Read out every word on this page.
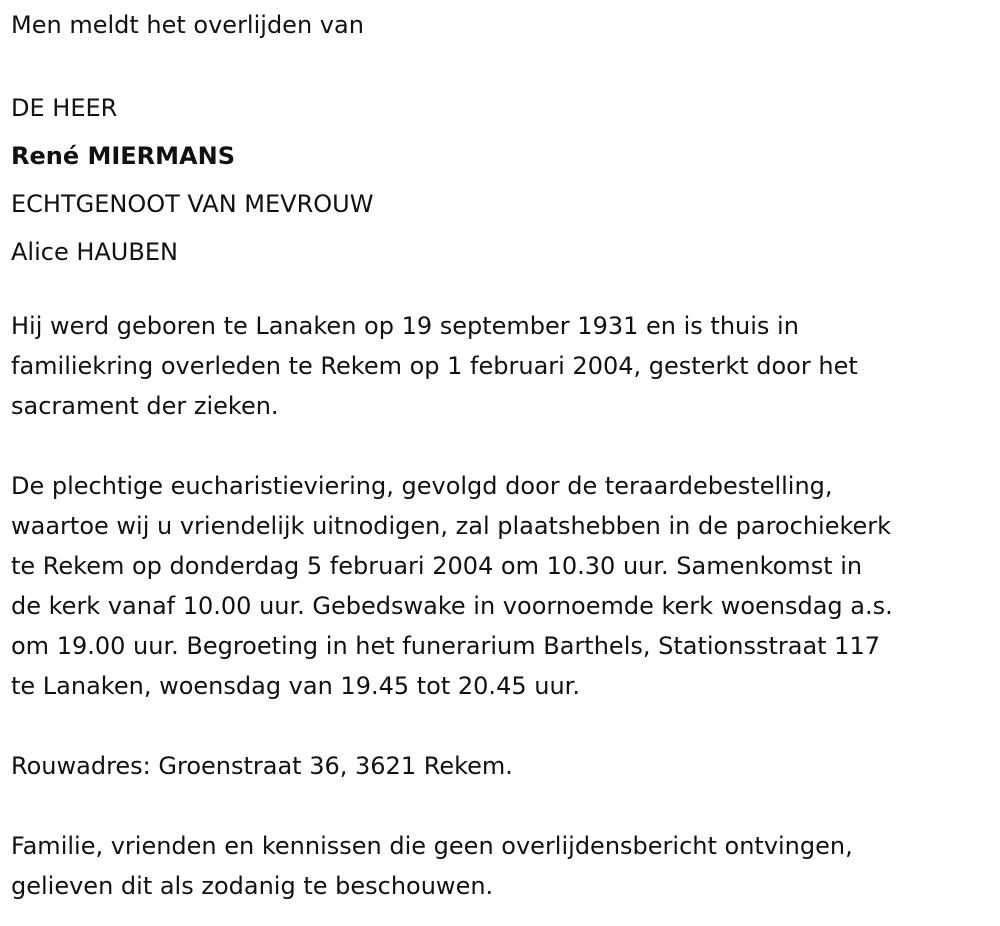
Men meldt het overlijden van
DE HEER
René MIERMANS
ECHTGENOOT VAN MEVROUW
Alice HAUBEN
Hij werd geboren te Lanaken op 19 september 1931 en is thuis in
familiekring overleden te Rekem op 1 februari 2004, gesterkt door het
sacrament der zieken.
De plechtige eucharistieviering, gevolgd door de teraardebestelling,
waartoe wij u vriendelijk uitnodigen, zal plaatshebben in de parochiekerk
te Rekem op donderdag 5 februari 2004 om 10.30 uur. Samenkomst in
de kerk vanaf 10.00 uur. Gebedswake in voornoemde kerk woensdag a.s.
om 19.00 uur. Begroeting in het funerarium Barthels, Stationsstraat 117
te Lanaken, woensdag van 19.45 tot 20.45 uur.
Rouwadres: Groenstraat 36, 3621 Rekem.
Familie, vrienden en kennissen die geen overlijdensbericht ontvingen,
gelieven dit als zodanig te beschouwen.
